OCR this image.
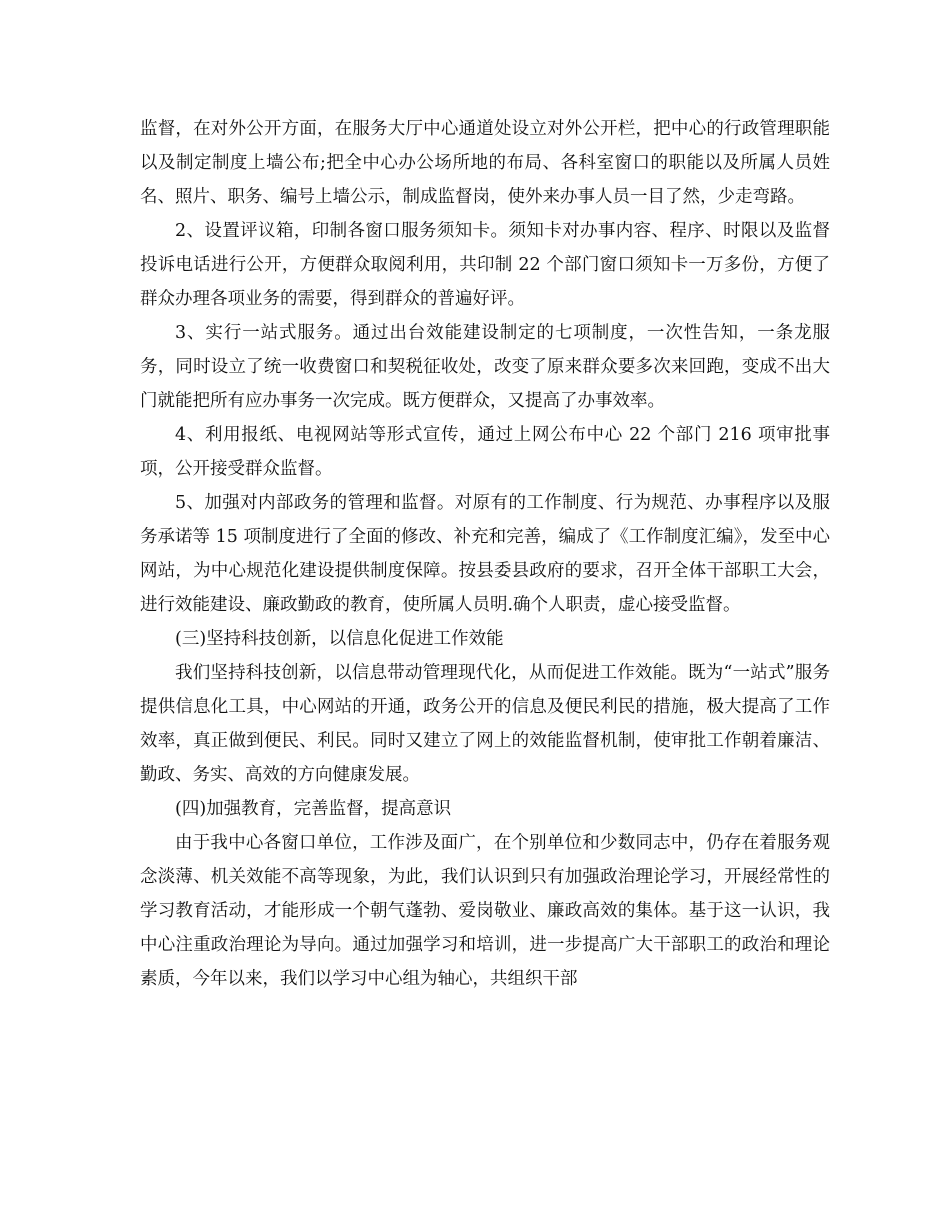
监督，在对外公开方面，在服务大厅中心通道处设立对外公开栏，把中心的行政管理职能以及制定制度上墙公布;把全中心办公场所地的布局、各科室窗口的职能以及所属人员姓名、照片、职务、编号上墙公示，制成监督岗，使外来办事人员一目了然，少走弯路。

2、设置评议箱，印制各窗口服务须知卡。须知卡对办事内容、程序、时限以及监督投诉电话进行公开，方便群众取阅利用，共印制 22 个部门窗口须知卡一万多份，方便了群众办理各项业务的需要，得到群众的普遍好评。

3、实行一站式服务。通过出台效能建设制定的七项制度，一次性告知，一条龙服务，同时设立了统一收费窗口和契税征收处，改变了原来群众要多次来回跑，变成不出大门就能把所有应办事务一次完成。既方便群众，又提高了办事效率。

4、利用报纸、电视网站等形式宣传，通过上网公布中心 22 个部门 216 项审批事项，公开接受群众监督。

5、加强对内部政务的管理和监督。对原有的工作制度、行为规范、办事程序以及服务承诺等 15 项制度进行了全面的修改、补充和完善，编成了《工作制度汇编》，发至中心网站，为中心规范化建设提供制度保障。按县委县政府的要求，召开全体干部职工大会，进行效能建设、廉政勤政的教育，使所属人员明.确个人职责，虚心接受监督。

(三)坚持科技创新，以信息化促进工作效能

我们坚持科技创新，以信息带动管理现代化，从而促进工作效能。既为“一站式”服务提供信息化工具，中心网站的开通，政务公开的信息及便民利民的措施，极大提高了工作效率，真正做到便民、利民。同时又建立了网上的效能监督机制，使审批工作朝着廉洁、勤政、务实、高效的方向健康发展。

(四)加强教育，完善监督，提高意识

由于我中心各窗口单位，工作涉及面广，在个别单位和少数同志中，仍存在着服务观念淡薄、机关效能不高等现象，为此，我们认识到只有加强政治理论学习，开展经常性的学习教育活动，才能形成一个朝气蓬勃、爱岗敬业、廉政高效的集体。基于这一认识，我中心注重政治理论为导向。通过加强学习和培训，进一步提高广大干部职工的政治和理论素质，今年以来，我们以学习中心组为轴心，共组织干部
